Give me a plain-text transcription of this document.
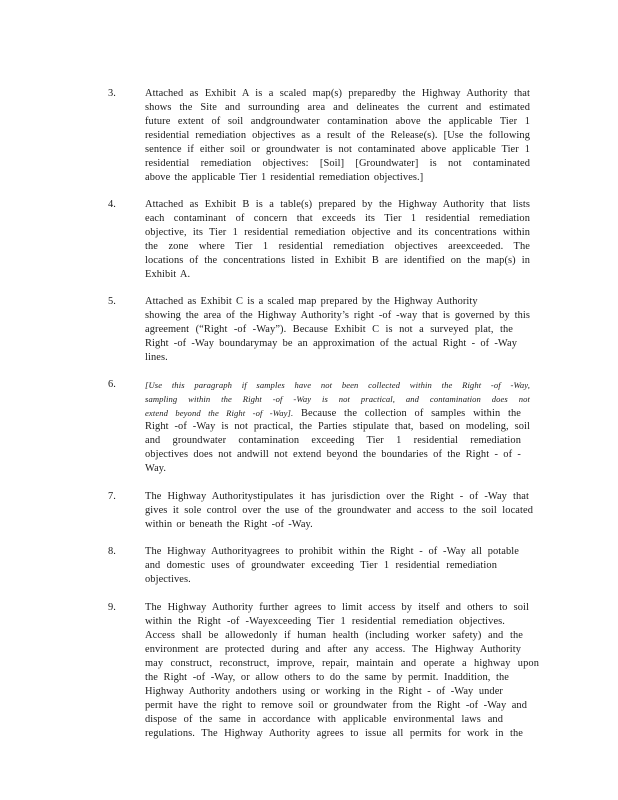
3.	Attached as Exhibit A is a scaled map(s) preparedby the Highway Authority that
shows the Site and surrounding area and delineates the current and estimated
future extent of soil andgroundwater contamination above the applicable Tier 1
residential remediation objectives as a result of the Release(s). [Use the following
sentence if either soil or groundwater is not contaminated above applicable Tier 1
residential remediation objectives: [Soil] [Groundwater] is not contaminated
above the applicable Tier 1 residential remediation objectives.]
4.	Attached as Exhibit B is a table(s) prepared by the Highway Authority that lists
each contaminant of concern that exceeds its Tier 1 residential remediation
objective, its Tier 1 residential remediation objective and its concentrations within
the zone where Tier 1 residential remediation objectives areexceeded. The
locations of the concentrations listed in Exhibit B are identified on the map(s) in
Exhibit A.
5.	Attached as Exhibit C is a scaled map prepared by the Highway Authority
showing the area of the Highway Authority’s right -of -way that is governed by this
agreement (“Right -of -Way”). Because Exhibit C is not a surveyed plat, the
Right -of -Way boundarymay be an approximation of the actual Right - of -Way
lines.
6.	[Use this paragraph if samples have not been collected within the Right -of -Way,
sampling within the Right -of -Way is not practical, and contamination does not
extend beyond the Right -of -Way]. Because the collection of samples within the
Right -of -Way is not practical, the Parties stipulate that, based on modeling, soil
and groundwater contamination exceeding Tier 1 residential remediation
objectives does not andwill not extend beyond the boundaries of the Right - of -
Way.
7.	The Highway Authoritystipulates it has jurisdiction over the Right - of -Way that
gives it sole control over the use of the groundwater and access to the soil located
within or beneath the Right -of -Way.
8.	The Highway Authorityagrees to prohibit within the Right - of -Way all potable
and domestic uses of groundwater exceeding Tier 1 residential remediation
objectives.
9.	The Highway Authority further agrees to limit access by itself and others to soil
within the Right -of -Wayexceeding Tier 1 residential remediation objectives.
Access shall be allowedonly if human health (including worker safety) and the
environment are protected during and after any access. The Highway Authority
may construct, reconstruct, improve, repair, maintain and operate a highway upon
the Right -of -Way, or allow others to do the same by permit. Inaddition, the
Highway Authority andothers using or working in the Right - of -Way under
permit have the right to remove soil or groundwater from the Right -of -Way and
dispose of the same in accordance with applicable environmental laws and
regulations. The Highway Authority agrees to issue all permits for work in the
